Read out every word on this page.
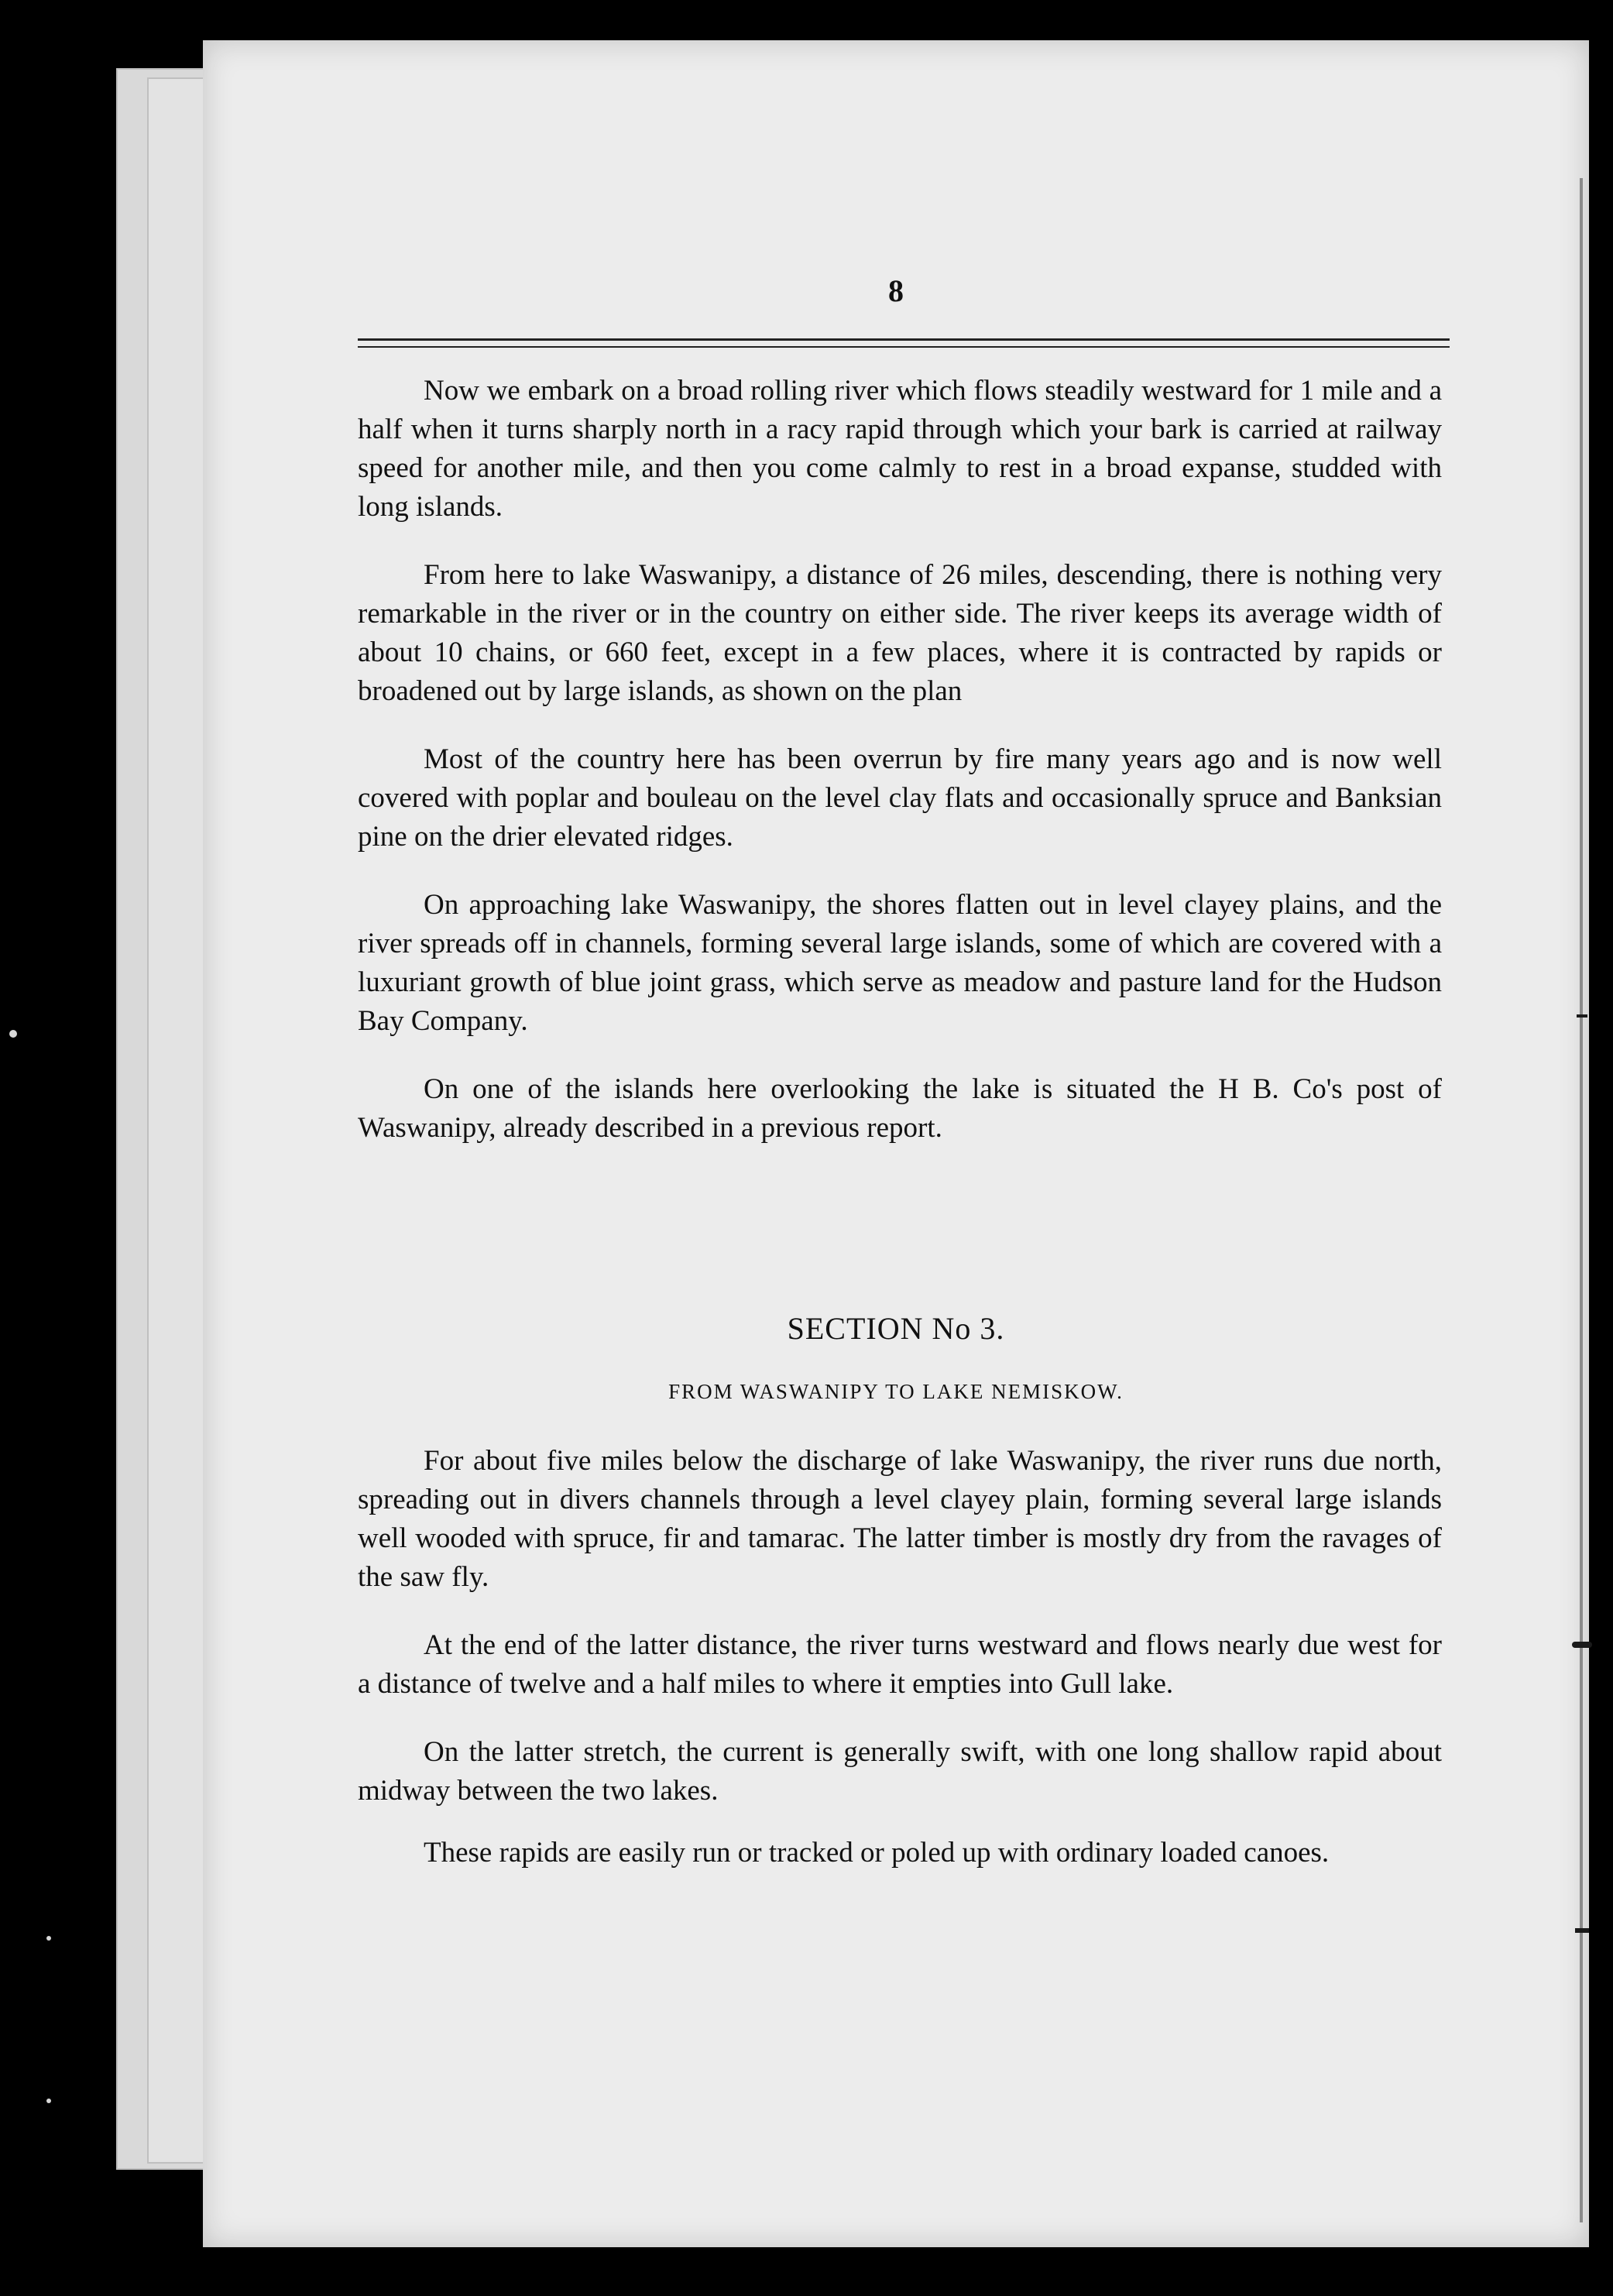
8

Now we embark on a broad rolling river which flows steadily westward for 1 mile and a half when it turns sharply north in a racy rapid through which your bark is carried at railway speed for another mile, and then you come calmly to rest in a broad expanse, studded with long islands.

From here to lake Waswanipy, a distance of 26 miles, descending, there is nothing very remarkable in the river or in the country on either side. The river keeps its average width of about 10 chains, or 660 feet, except in a few places, where it is contracted by rapids or broadened out by large islands, as shown on the plan

Most of the country here has been overrun by fire many years ago and is now well covered with poplar and bouleau on the level clay flats and occasionally spruce and Banksian pine on the drier elevated ridges.

On approaching lake Waswanipy, the shores flatten out in level clayey plains, and the river spreads off in channels, forming several large islands, some of which are covered with a luxuriant growth of blue joint grass, which serve as meadow and pasture land for the Hudson Bay Company.

On one of the islands here overlooking the lake is situated the H B. Co's post of Waswanipy, already described in a previous report.

SECTION No 3.
FROM WASWANIPY TO LAKE NEMISKOW.

For about five miles below the discharge of lake Waswanipy, the river runs due north, spreading out in divers channels through a level clayey plain, forming several large islands well wooded with spruce, fir and tamarac. The latter timber is mostly dry from the ravages of the saw fly.

At the end of the latter distance, the river turns westward and flows nearly due west for a distance of twelve and a half miles to where it empties into Gull lake.

On the latter stretch, the current is generally swift, with one long shallow rapid about midway between the two lakes.

These rapids are easily run or tracked or poled up with ordinary loaded canoes.
